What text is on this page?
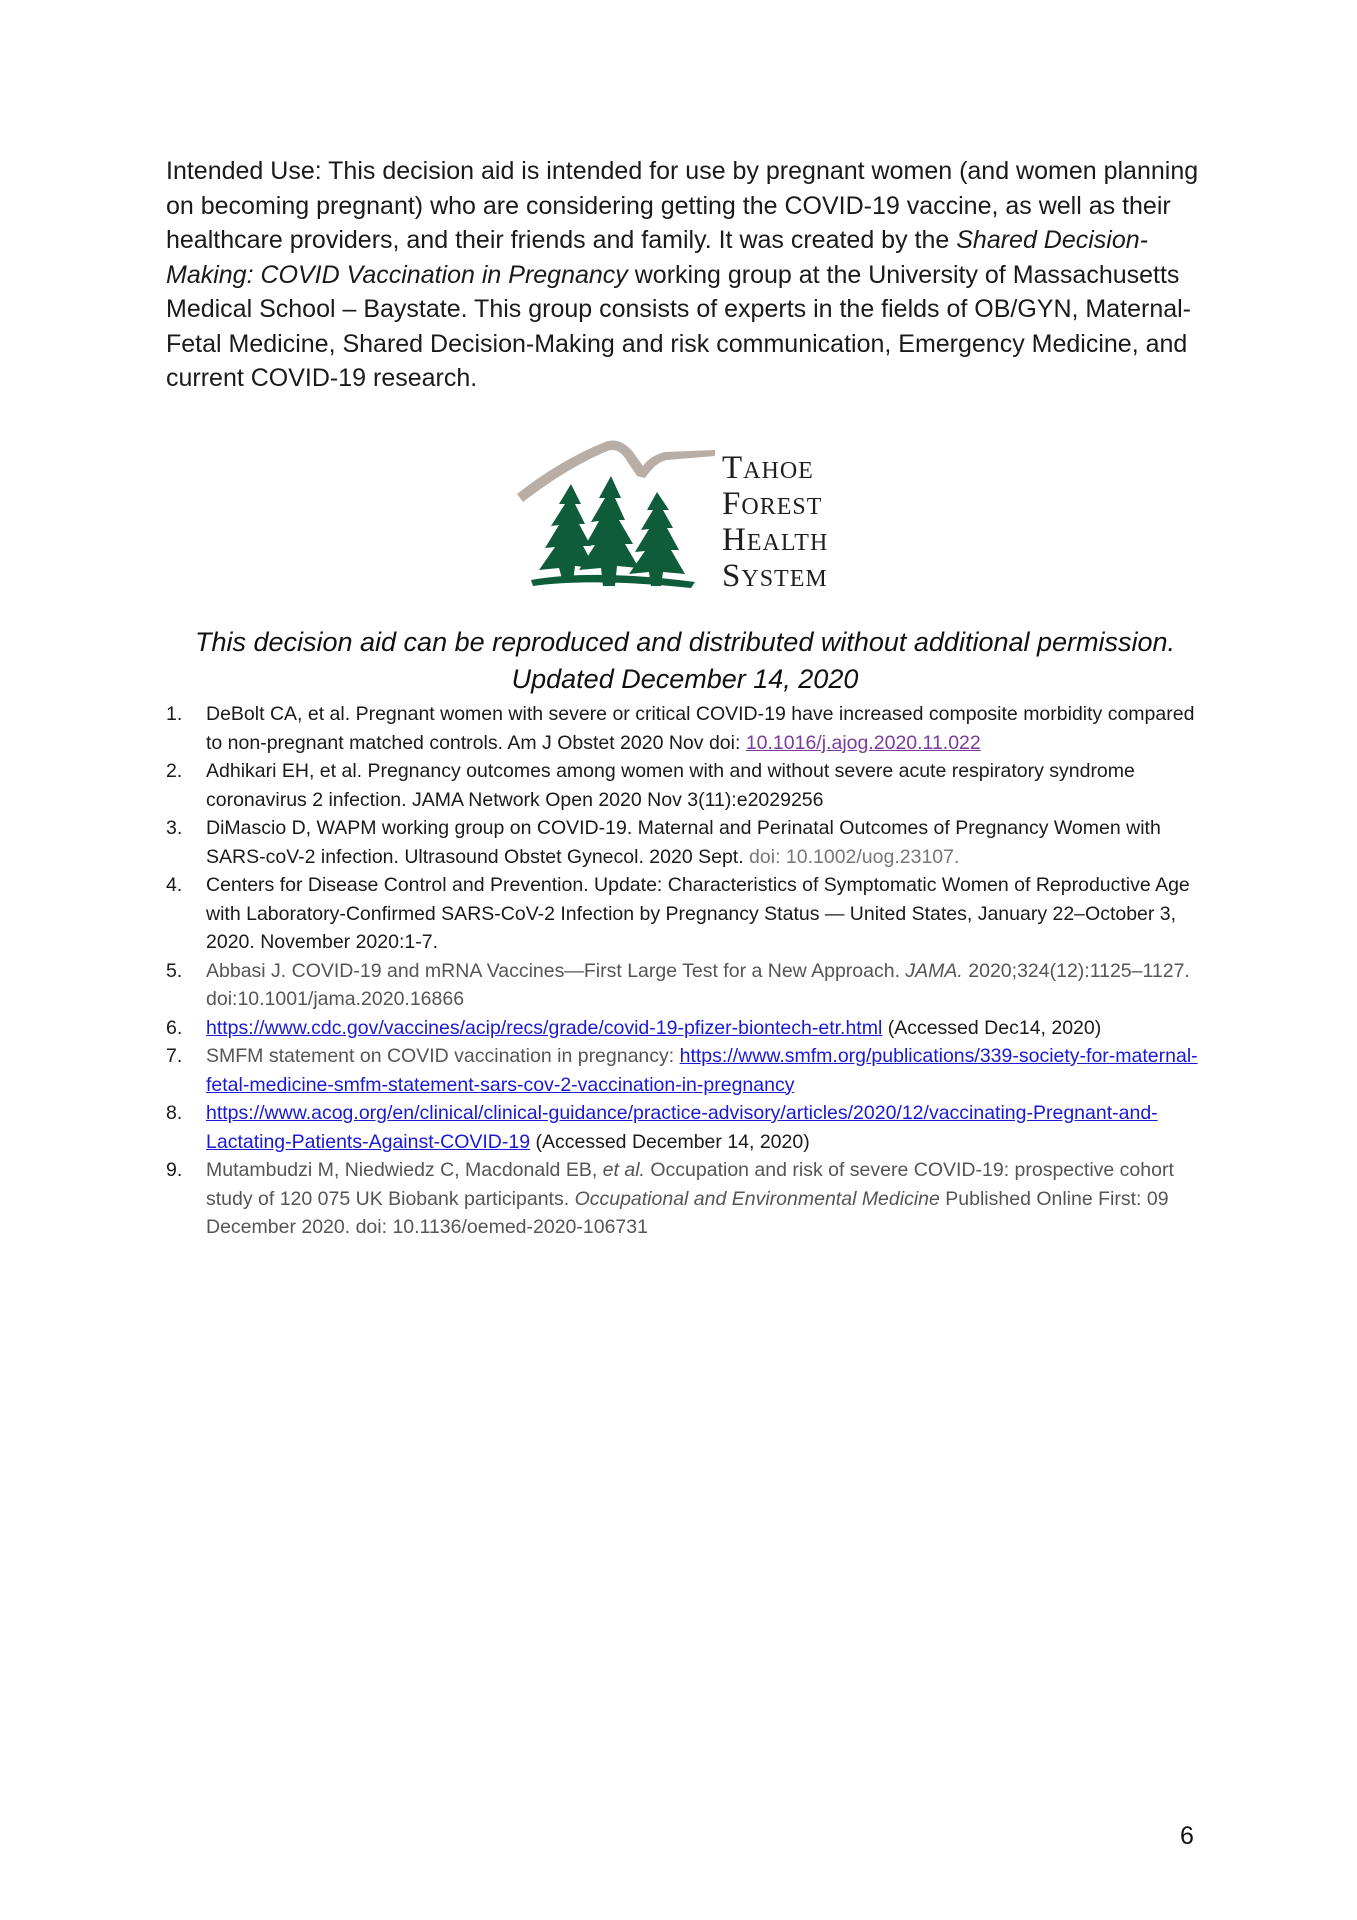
Intended Use: This decision aid is intended for use by pregnant women (and women planning on becoming pregnant) who are considering getting the COVID-19 vaccine, as well as their healthcare providers, and their friends and family. It was created by the Shared Decision-Making: COVID Vaccination in Pregnancy working group at the University of Massachusetts Medical School – Baystate. This group consists of experts in the fields of OB/GYN, Maternal-Fetal Medicine, Shared Decision-Making and risk communication, Emergency Medicine, and current COVID-19 research.

TAHOE
FOREST
HEALTH
SYSTEM
This decision aid can be reproduced and distributed without additional permission.
Updated December 14, 2020
1. DeBolt CA, et al. Pregnant women with severe or critical COVID-19 have increased composite morbidity compared to non-pregnant matched controls. Am J Obstet 2020 Nov doi: 10.1016/j.ajog.2020.11.022
2. Adhikari EH, et al. Pregnancy outcomes among women with and without severe acute respiratory syndrome coronavirus 2 infection. JAMA Network Open 2020 Nov 3(11):e2029256
3. DiMascio D, WAPM working group on COVID-19. Maternal and Perinatal Outcomes of Pregnancy Women with SARS-coV-2 infection. Ultrasound Obstet Gynecol. 2020 Sept. doi: 10.1002/uog.23107.
4. Centers for Disease Control and Prevention. Update: Characteristics of Symptomatic Women of Reproductive Age with Laboratory-Confirmed SARS-CoV-2 Infection by Pregnancy Status — United States, January 22–October 3, 2020. November 2020:1-7.
5. Abbasi J. COVID-19 and mRNA Vaccines—First Large Test for a New Approach. JAMA. 2020;324(12):1125–1127. doi:10.1001/jama.2020.16866
6. https://www.cdc.gov/vaccines/acip/recs/grade/covid-19-pfizer-biontech-etr.html (Accessed Dec14, 2020)
7. SMFM statement on COVID vaccination in pregnancy: https://www.smfm.org/publications/339-society-for-maternal-fetal-medicine-smfm-statement-sars-cov-2-vaccination-in-pregnancy
8. https://www.acog.org/en/clinical/clinical-guidance/practice-advisory/articles/2020/12/vaccinating-Pregnant-and-Lactating-Patients-Against-COVID-19 (Accessed December 14, 2020)
9. Mutambudzi M, Niedwiedz C, Macdonald EB, et al. Occupation and risk of severe COVID-19: prospective cohort study of 120 075 UK Biobank participants. Occupational and Environmental Medicine Published Online First: 09 December 2020. doi: 10.1136/oemed-2020-106731
6
